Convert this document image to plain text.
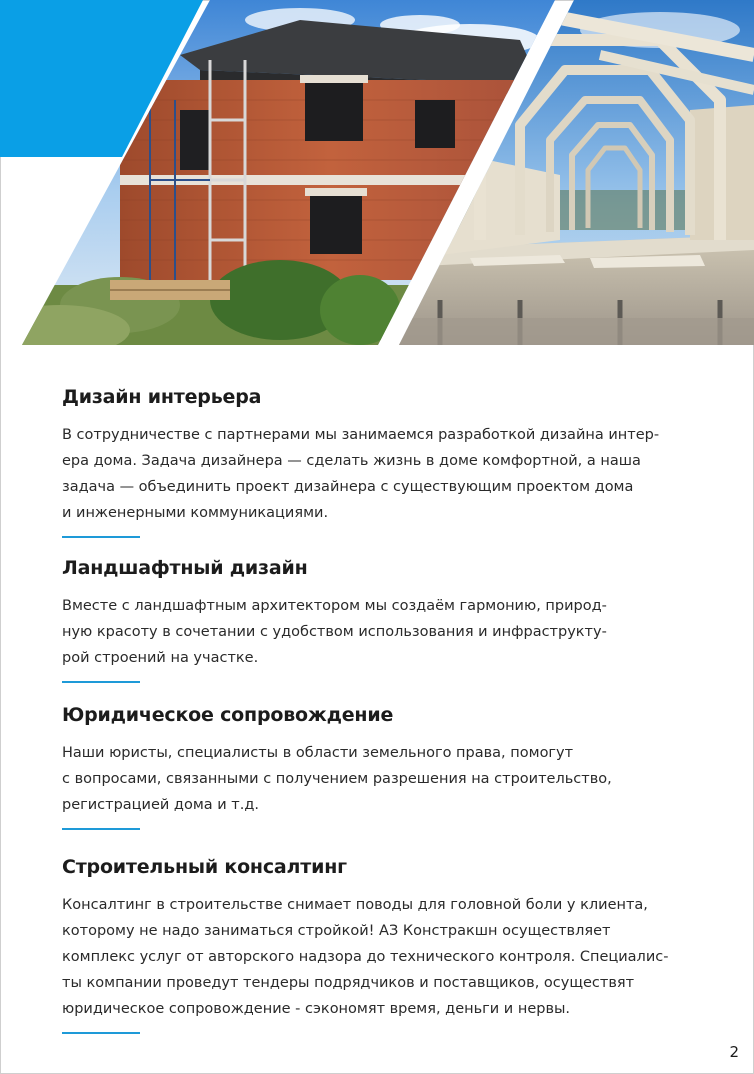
Дизайн интерьера
В сотрудничестве с партнерами мы занимаемся разработкой дизайна интер-
ера дома. Задача дизайнера — сделать жизнь в доме комфортной, а наша
задача — объединить проект дизайнера с существующим проектом дома
и инженерными коммуникациями.
Ландшафтный дизайн
Вместе с ландшафтным архитектором мы создаём гармонию, природ-
ную красоту в сочетании с удобством использования и инфраструкту-
рой строений на участке.
Юридическое сопровождение
Наши юристы, специалисты в области земельного права, помогут
с вопросами, связанными с получением разрешения на строительство,
регистрацией дома и т.д.
Строительный консалтинг
Консалтинг в строительстве снимает поводы для головной боли у клиента,
которому не надо заниматься стройкой! АЗ Констракшн осуществляет
комплекс услуг от авторского надзора до технического контроля. Специалис-
ты компании проведут тендеры подрядчиков и поставщиков, осуществят
юридическое сопровождение - сэкономят время, деньги и нервы.
2
